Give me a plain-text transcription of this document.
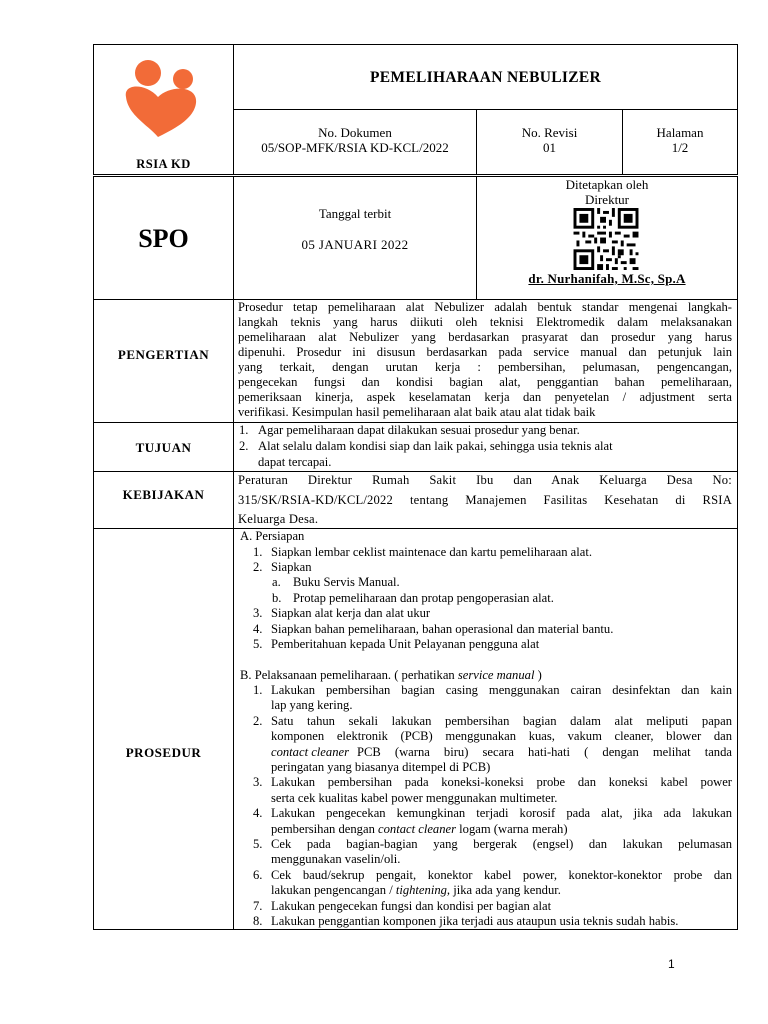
RSIA KD
PEMELIHARAAN NEBULIZER
No. Dokumen
05/SOP-MFK/RSIA KD-KCL/2022
No. Revisi
01
Halaman
1/2
SPO
Tanggal terbit
05 JANUARI 2022
Ditetapkan oleh
Direktur
dr. Nurhanifah, M.Sc, Sp.A
PENGERTIAN
Prosedur tetap pemeliharaan alat Nebulizer adalah bentuk standar mengenai langkah-
langkah teknis yang harus diikuti oleh teknisi Elektromedik dalam melaksanakan
pemeliharaan alat Nebulizer yang berdasarkan prasyarat dan prosedur yang harus
dipenuhi. Prosedur ini disusun berdasarkan pada service manual dan petunjuk lain
yang terkait, dengan urutan kerja : pembersihan, pelumasan, pengencangan,
pengecekan fungsi dan kondisi bagian alat, penggantian bahan pemeliharaan,
pemeriksaan kinerja, aspek keselamatan kerja dan penyetelan / adjustment serta
verifikasi. Kesimpulan hasil pemeliharaan alat baik atau alat tidak baik
TUJUAN
1. Agar pemeliharaan dapat dilakukan sesuai prosedur yang benar.
2. Alat selalu dalam kondisi siap dan laik pakai, sehingga usia teknis alat
dapat tercapai.
KEBIJAKAN
Peraturan Direktur Rumah Sakit Ibu dan Anak Keluarga Desa No:
315/SK/RSIA-KD/KCL/2022 tentang Manajemen Fasilitas Kesehatan di RSIA
Keluarga Desa.
PROSEDUR
A. Persiapan
1. Siapkan lembar ceklist maintenace dan kartu pemeliharaan alat.
2. Siapkan
a. Buku Servis Manual.
b. Protap pemeliharaan dan protap pengoperasian alat.
3. Siapkan alat kerja dan alat ukur
4. Siapkan bahan pemeliharaan, bahan operasional dan material bantu.
5. Pemberitahuan kepada Unit Pelayanan pengguna alat
B. Pelaksanaan pemeliharaan. ( perhatikan service manual )
1. Lakukan pembersihan bagian casing menggunakan cairan desinfektan dan kain
lap yang kering.
2. Satu tahun sekali lakukan pembersihan bagian dalam alat meliputi papan
komponen elektronik (PCB) menggunakan kuas, vakum cleaner, blower dan
contact cleaner PCB (warna biru) secara hati-hati ( dengan melihat tanda
peringatan yang biasanya ditempel di PCB)
3. Lakukan pembersihan pada koneksi-koneksi probe dan koneksi kabel power
serta cek kualitas kabel power menggunakan multimeter.
4. Lakukan pengecekan kemungkinan terjadi korosif pada alat, jika ada lakukan
pembersihan dengan contact cleaner logam (warna merah)
5. Cek pada bagian-bagian yang bergerak (engsel) dan lakukan pelumasan
menggunakan vaselin/oli.
6. Cek baud/sekrup pengait, konektor kabel power, konektor-konektor probe dan
lakukan pengencangan / tightening, jika ada yang kendur.
7. Lakukan pengecekan fungsi dan kondisi per bagian alat
8. Lakukan penggantian komponen jika terjadi aus ataupun usia teknis sudah habis.
1
